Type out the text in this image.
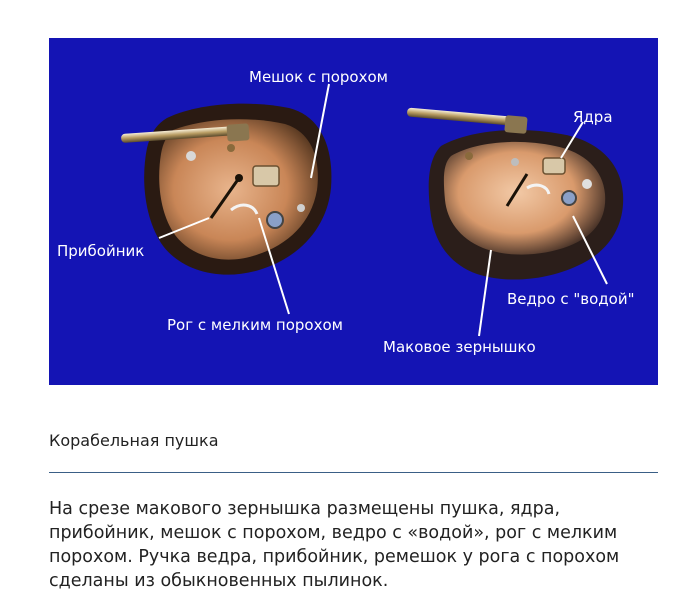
Мешок с порохом
Прибойник
Рог с мелким порохом
Ядра
Ведро с "водой"
Маковое зернышко
Корабельная пушка

На срезе макового зернышка размещены пушка, ядра, прибойник, мешок с порохом, ведро с «водой», рог с мелким порохом. Ручка ведра, прибойник, ремешок у рога с порохом сделаны из обыкновенных пылинок.
